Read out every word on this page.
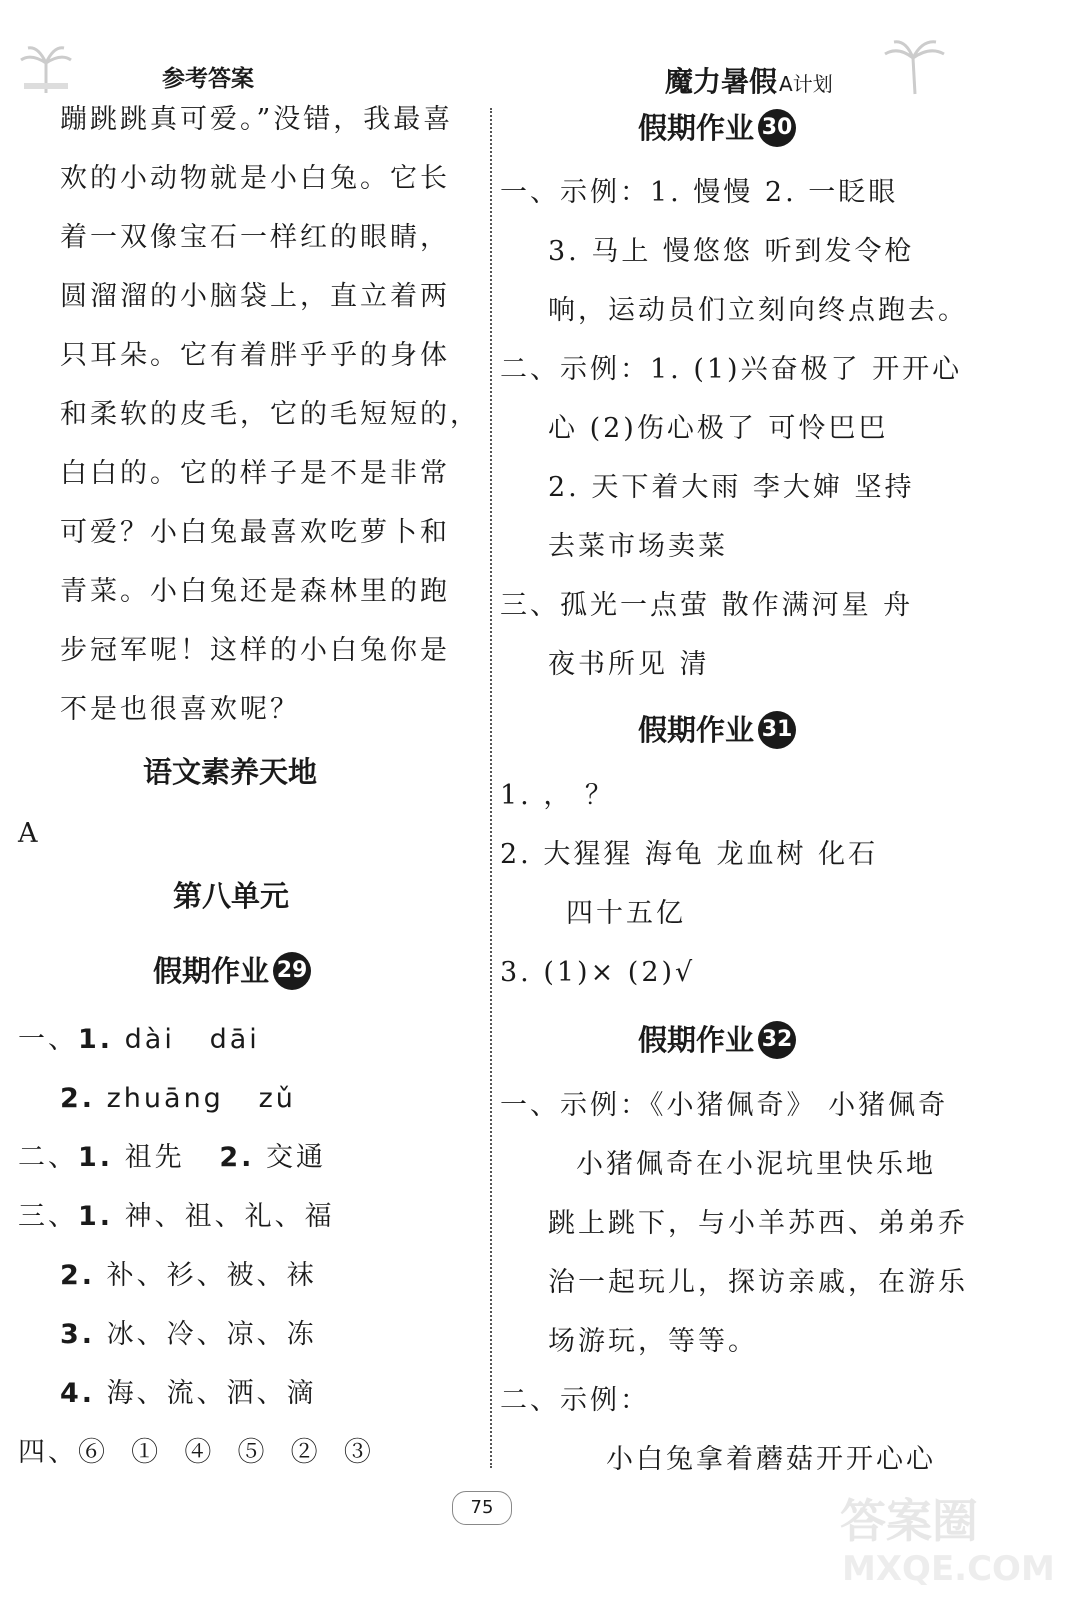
参考答案	魔力暑假 A计划
蹦跳跳真可爱。”没错，我最喜
欢的小动物就是小白兔。它长
着一双像宝石一样红的眼睛，
圆溜溜的小脑袋上，直立着两
只耳朵。它有着胖乎乎的身体
和柔软的皮毛，它的毛短短的，
白白的。它的样子是不是非常
可爱？小白兔最喜欢吃萝卜和
青菜。小白兔还是森林里的跑
步冠军呢！这样的小白兔你是
不是也很喜欢呢？
语文素养天地
A
第八单元
假期作业 29
一、1. dài   dāi
2. zhuāng   zǔ
二、1. 祖先   2. 交通
三、1. 神、祖、礼、福
2. 补、衫、被、袜
3. 冰、冷、凉、冻
4. 海、流、洒、滴
四、⑥  ①  ④  ⑤  ②  ③
假期作业 30
一、示例：1. 慢慢 2. 一眨眼
3. 马上 慢悠悠 听到发令枪
响，运动员们立刻向终点跑去。
二、示例：1. (1)兴奋极了 开开心
心 (2)伤心极了 可怜巴巴
2. 天下着大雨 李大婶 坚持
去菜市场卖菜
三、孤光一点萤 散作满河星 舟
夜书所见 清
假期作业 31
1. ， ？
2. 大猩猩 海龟 龙血树 化石
四十五亿
3. (1)× (2)√
假期作业 32
一、示例：《小猪佩奇》 小猪佩奇
小猪佩奇在小泥坑里快乐地
跳上跳下，与小羊苏西、弟弟乔
治一起玩儿，探访亲戚，在游乐
场游玩，等等。
二、示例：
小白兔拿着蘑菇开开心心
75	答案圈
MXQE.COM
